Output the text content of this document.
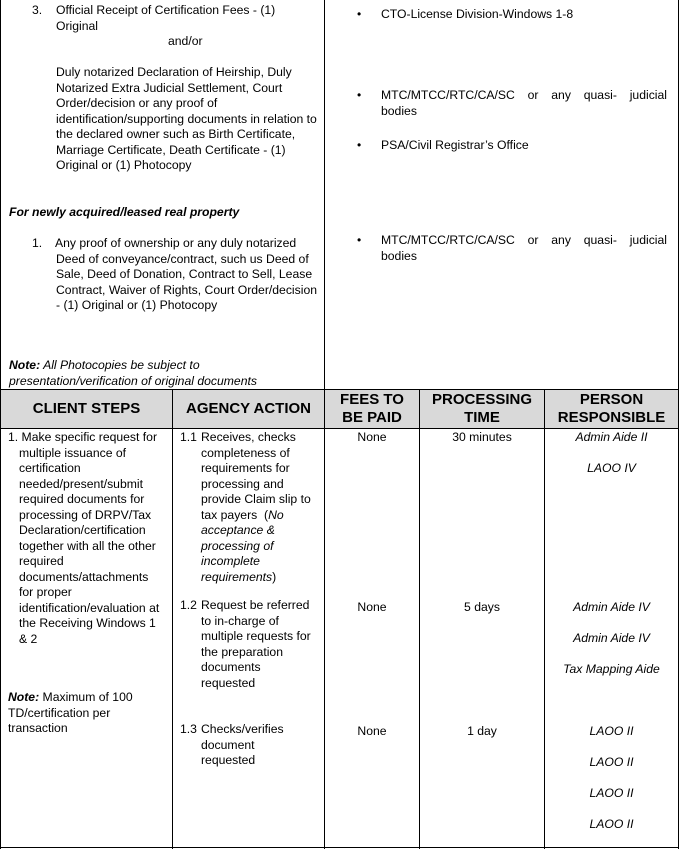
3. Official Receipt of Certification Fees - (1) Original
and/or
Duly notarized Declaration of Heirship, Duly Notarized Extra Judicial Settlement, Court Order/decision or any proof of identification/supporting documents in relation to the declared owner such as Birth Certificate, Marriage Certificate, Death Certificate - (1) Original or (1) Photocopy
For newly acquired/leased real property
1. Any proof of ownership or any duly notarized Deed of conveyance/contract, such us Deed of Sale, Deed of Donation, Contract to Sell, Lease Contract, Waiver of Rights, Court Order/decision - (1) Original or (1) Photocopy
Note: All Photocopies be subject to presentation/verification of original documents
• CTO-License Division-Windows 1-8
• MTC/MTCC/RTC/CA/SC or any quasi- judicial bodies
• PSA/Civil Registrar’s Office
• MTC/MTCC/RTC/CA/SC or any quasi- judicial bodies
CLIENT STEPS	AGENCY ACTION
FEES TO BE PAID
PROCESSING TIME
PERSON RESPONSIBLE
1. Make specific request for multiple issuance of certification needed/present/submit required documents for processing of DRPV/Tax Declaration/certification together with all the other required documents/attachments for proper identification/evaluation at the Receiving Windows 1 & 2
Note: Maximum of 100 TD/certification per transaction
1.1 Receives, checks completeness of requirements for processing and provide Claim slip to tax payers  (No acceptance & processing of incomplete requirements)
1.2 Request be referred to in-charge of multiple requests for the preparation documents requested
1.3 Checks/verifies document requested
None
None
None
30 minutes
5 days
1 day
Admin Aide II
LAOO IV
Admin Aide IV
Admin Aide IV
Tax Mapping Aide
LAOO II
LAOO II
LAOO II
LAOO II
